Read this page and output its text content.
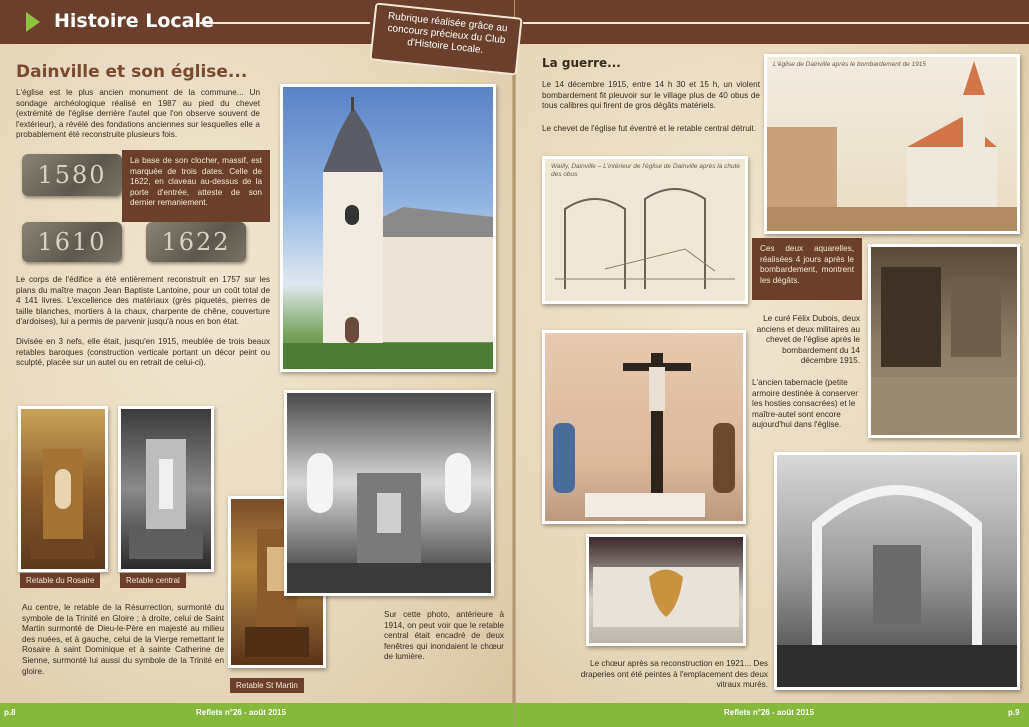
Histoire Locale	Rubrique réalisée grâce au concours précieux du Club d'Histoire Locale.
Dainville et son église...
L'église est le plus ancien monument de la commune... Un sondage archéologique réalisé en 1987 au pied du chevet (extrémité de l'église derrière l'autel que l'on observe souvent de l'extérieur), a révélé des fondations anciennes sur lesquelles elle a probablement été reconstruite plusieurs fois.
1580
1610	1622
La base de son clocher, massif, est marquée de trois dates. Celle de 1622, en claveau au-dessus de la porte d'entrée, atteste de son dernier remaniement.
Le corps de l'édifice a été entièrement reconstruit en 1757 sur les plans du maître maçon Jean Baptiste Lantoine, pour un coût total de 4 141 livres. L'excellence des matériaux (grès piquetés, pierres de taille blanches, mortiers à la chaux, charpente de chêne, couverture d'ardoises), lui a permis de parvenir jusqu'à nous en bon état.
Divisée en 3 nefs, elle était, jusqu'en 1915, meublée de trois beaux retables baroques (construction verticale portant un décor peint ou sculpté, placée sur un autel ou en retrait de celui-ci).
Retable du Rosaire	Retable central
Retable St Martin
Au centre, le retable de la Résurrection, surmonté du symbole de la Trinité en Gloire ; à droite, celui de Saint Martin surmonté de Dieu-le-Père en majesté au milieu des nuées, et à gauche, celui de la Vierge remettant le Rosaire à saint Dominique et à sainte Catherine de Sienne, surmonté lui aussi du symbole de la Trinité en gloire.
Sur cette photo, antérieure à 1914, on peut voir que le retable central était encadré de deux fenêtres qui inondaient le chœur de lumière.
La guerre...
Le 14 décembre 1915, entre 14 h 30 et 15 h, un violent bombardement fit pleuvoir sur le village plus de 40 obus de tous calibres qui firent de gros dégâts matériels.
Le chevet de l'église fut éventré et le retable central détruit.
Wailly, Dainville – L'intérieur de l'église de Dainville après la chute des obus
L'église de Dainville après le bombardement de 1915
Ces deux aquarelles, réalisées 4 jours après le bombardement, montrent les dégâts.
Le curé Félix Dubois, deux anciens et deux militaires au chevet de l'église après le bombardement du 14 décembre 1915.
L'ancien tabernacle (petite armoire destinée à conserver les hosties consacrées) et le maître-autel sont encore aujourd'hui dans l'église.
Le chœur après sa reconstruction en 1921... Des draperies ont été peintes à l'emplacement des deux vitraux murés.
p.8	Reflets n°26 - août 2015	Reflets n°26 - août 2015	p.9
